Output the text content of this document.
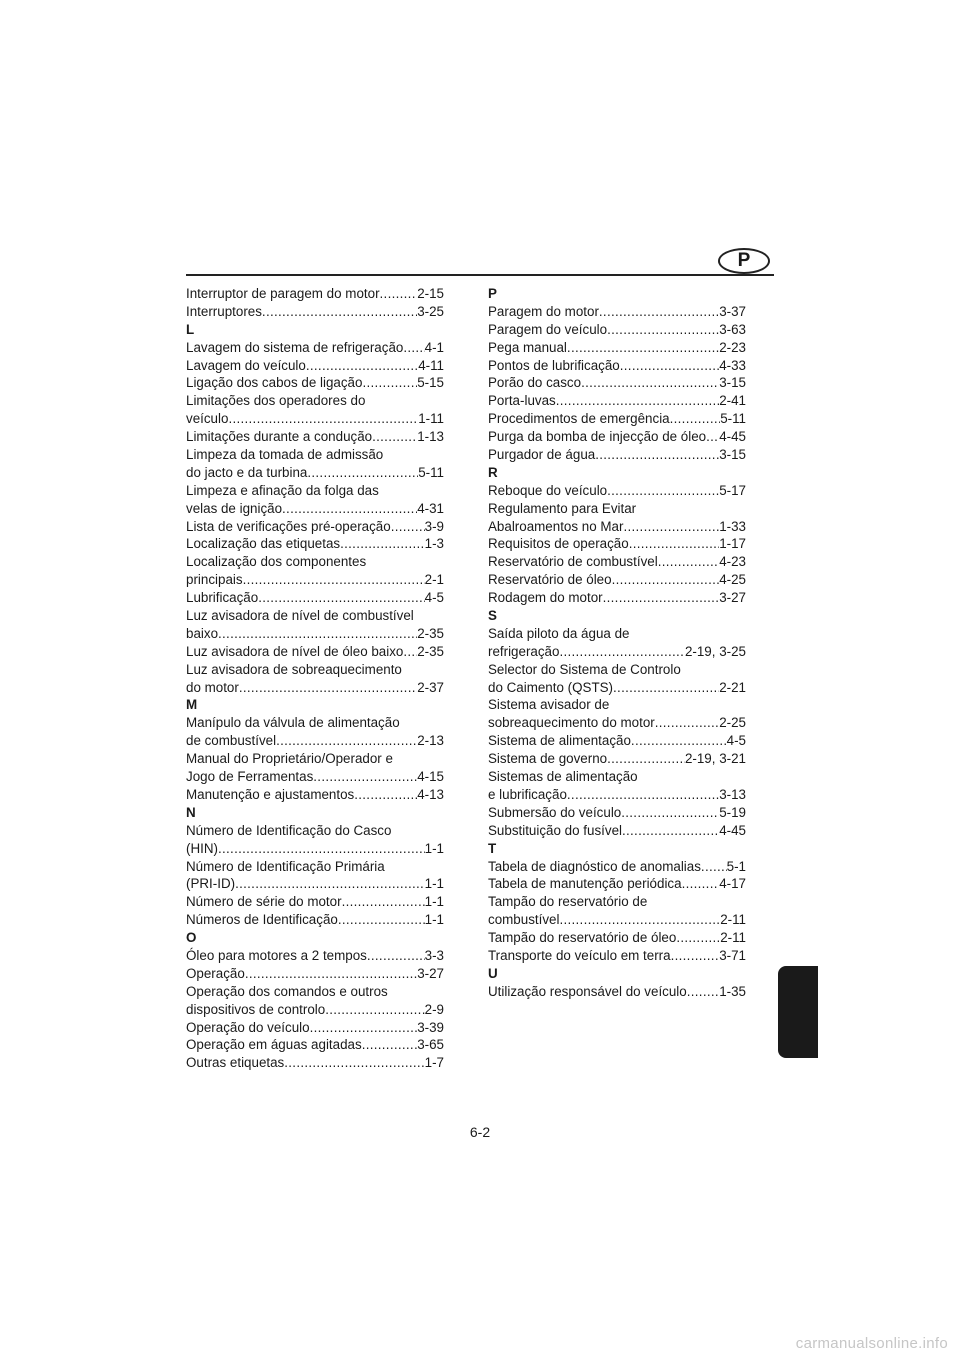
P
Interruptor de paragem do motor .....	2-15
Interruptores .....	3-25
L
Lavagem do sistema de refrigeração ..... 4-1
Lavagem do veículo .....	4-11
Ligação dos cabos de ligação .....	5-15
Limitações dos operadores do
veículo .....	1-11
Limitações durante a condução .....	1-13
Limpeza da tomada de admissão
do jacto e da turbina .....	5-11
Limpeza e afinação da folga das
velas de ignição .....	4-31
Lista de verificações pré-operação .....	3-9
Localização das etiquetas .....	1-3
Localização dos componentes
principais .....	2-1
Lubrificação .....	4-5
Luz avisadora de nível de combustível
baixo .....	2-35
Luz avisadora de nível de óleo baixo ..... 2-35
Luz avisadora de sobreaquecimento
do motor .....	2-37
M
Manípulo da válvula de alimentação
de combustível .....	2-13
Manual do Proprietário/Operador e
Jogo de Ferramentas .....	4-15
Manutenção e ajustamentos .....	4-13
N
Número de Identificação do Casco
(HIN) .....	1-1
Número de Identificação Primária
(PRI-ID) .....	1-1
Número de série do motor .....	1-1
Números de Identificação .....	1-1
O
Óleo para motores a 2 tempos .....	3-3
Operação .....	3-27
Operação dos comandos e outros
dispositivos de controlo .....	2-9
Operação do veículo .....	3-39
Operação em águas agitadas .....	3-65
Outras etiquetas .....	1-7
P
Paragem do motor .....	3-37
Paragem do veículo .....	3-63
Pega manual .....	2-23
Pontos de lubrificação .....	4-33
Porão do casco .....	3-15
Porta-luvas .....	2-41
Procedimentos de emergência .....	5-11
Purga da bomba de injecção de óleo ..... 4-45
Purgador de água .....	3-15
R
Reboque do veículo .....	5-17
Regulamento para Evitar
Abalroamentos no Mar .....	1-33
Requisitos de operação .....	1-17
Reservatório de combustível .....	4-23
Reservatório de óleo .....	4-25
Rodagem do motor .....	3-27
S
Saída piloto da água de
refrigeração .....	2-19, 3-25
Selector do Sistema de Controlo
do Caimento (QSTS) .....	2-21
Sistema avisador de
sobreaquecimento do motor .....	2-25
Sistema de alimentação .....	4-5
Sistema de governo .....	2-19, 3-21
Sistemas de alimentação
e lubrificação .....	3-13
Submersão do veículo .....	5-19
Substituição do fusível .....	4-45
T
Tabela de diagnóstico de anomalias ..... 5-1
Tabela de manutenção periódica .....	4-17
Tampão do reservatório de
combustível .....	2-11
Tampão do reservatório de óleo .....	2-11
Transporte do veículo em terra .....	3-71
U
Utilização responsável do veículo ..... 1-35
6-2
carmanualsonline.info
